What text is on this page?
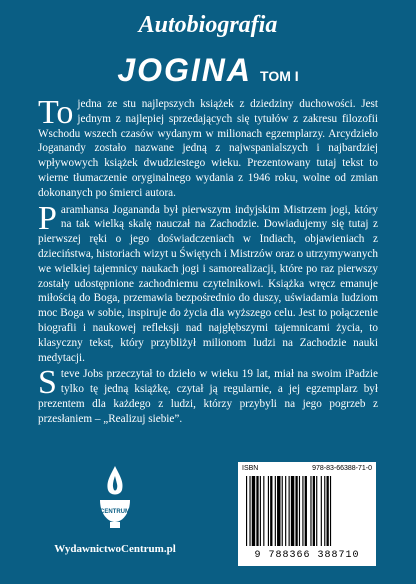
Autobiografia
JOGINA TOM I

To jedna ze stu najlepszych książek z dziedziny duchowości. Jest jednym z najlepiej sprzedających się tytułów z zakresu filozofii Wschodu wszech czasów wydanym w milionach egzemplarzy. Arcydzieło Joganandy zostało nazwane jedną z najwspanialszych i najbardziej wpływowych książek dwudziestego wieku. Prezentowany tutaj tekst to wierne tłumaczenie oryginalnego wydania z 1946 roku, wolne od zmian dokonanych po śmierci autora.

Paramhansa Jogananda był pierwszym indyjskim Mistrzem jogi, który na tak wielką skalę nauczał na Zachodzie. Dowiadujemy się tutaj z pierwszej ręki o jego doświadczeniach w Indiach, objawieniach z dzieciństwa, historiach wizyt u Świętych i Mistrzów oraz o utrzymywanych we wielkiej tajemnicy naukach jogi i samorealizacji, które po raz pierwszy zostały udostępnione zachodniemu czytelnikowi. Książka wręcz emanuje miłością do Boga, przemawia bezpośrednio do duszy, uświadamia ludziom moc Boga w sobie, inspiruje do życia dla wyższego celu. Jest to połączenie biografii i naukowej refleksji nad najgłębszymi tajemnicami życia, to klasyczny tekst, który przybliżył milionom ludzi na Zachodzie nauki medytacji.

Steve Jobs przeczytał to dzieło w wieku 19 lat, miał na swoim iPadzie tylko tę jedną książkę, czytał ją regularnie, a jej egzemplarz był prezentem dla każdego z ludzi, którzy przybyli na jego pogrzeb z przesłaniem – „Realizuj siebie”.

CENTRUM
WydawnictwoCentrum.pl
ISBN	978-83-66388-71-0
9 788366 388710
